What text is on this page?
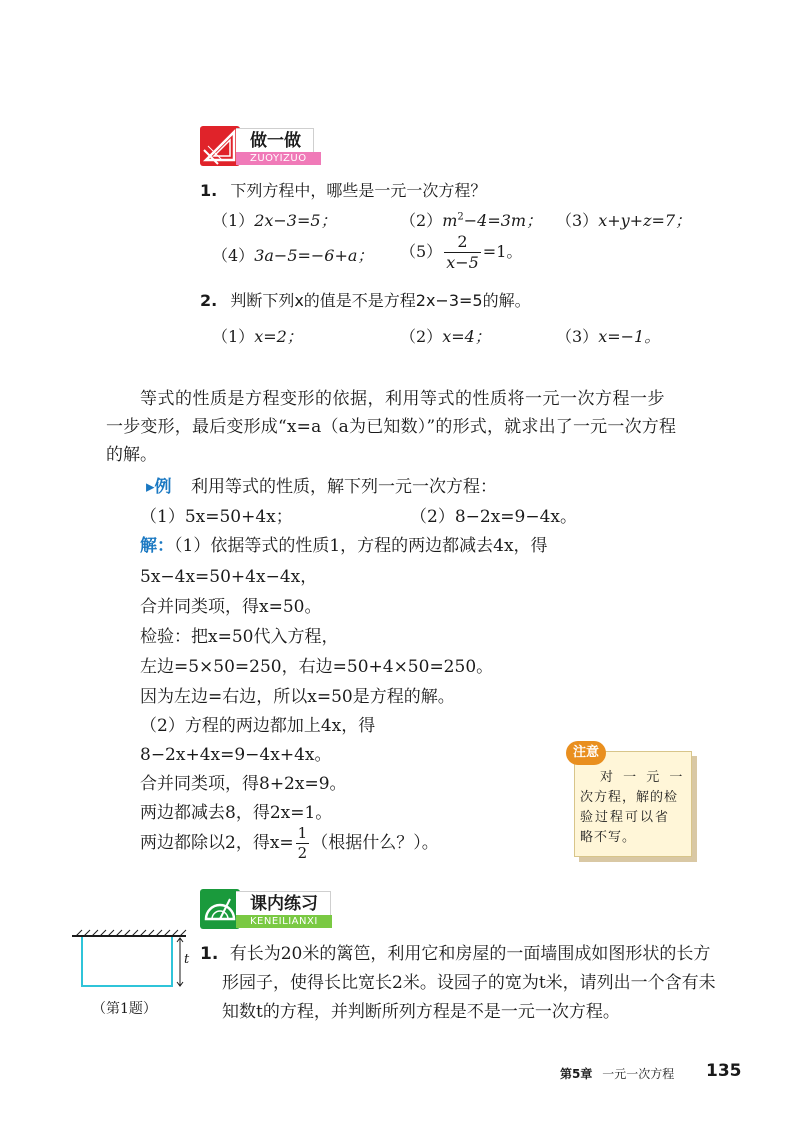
做一做
ZUOYIZUO
1. 下列方程中，哪些是一元一次方程？
（1）2x−3=5；	$(2)m^2-4=3m$； （3）x+y+z=7；
（4）3a−5=−6+a； $(5) \frac{2}{x-5} =1$。
2. 判断下列x的值是不是方程2x−3=5的解。
（1）x=2；	（2）x=4；	（3）x=−1。
等式的性质是方程变形的依据，利用等式的性质将一元一次方程一步
一步变形，最后变形成“x=a（a为已知数）”的形式，就求出了一元一次方程
的解。
▸例 利用等式的性质，解下列一元一次方程：
（1）5x=50+4x；	（2）8−2x=9−4x。
解：（1）依据等式的性质1，方程的两边都减去4x，得
5x−4x=50+4x−4x，
合并同类项，得x=50。
检验：把x=50代入方程，
左边=5×50=250，右边=50+4×50=250。
因为左边=右边，所以x=50是方程的解。
（2）方程的两边都加上4x，得
8−2x+4x=9−4x+4x。
合并同类项，得8+2x=9。
两边都减去8，得2x=1。
两边都除以2，得$x= \frac{1}{2}$ （根据什么？）。
注意
对 一 元 一
次方程，解的检
验过程可以省
略不写。
课内练习
KENEILIANXI
t
（第1题）
1. 有长为20米的篱笆，利用它和房屋的一面墙围成如图形状的长方
形园子，使得长比宽长2米。设园子的宽为t米，请列出一个含有未
知数t的方程，并判断所列方程是不是一元一次方程。
第5章 一元一次方程 135
